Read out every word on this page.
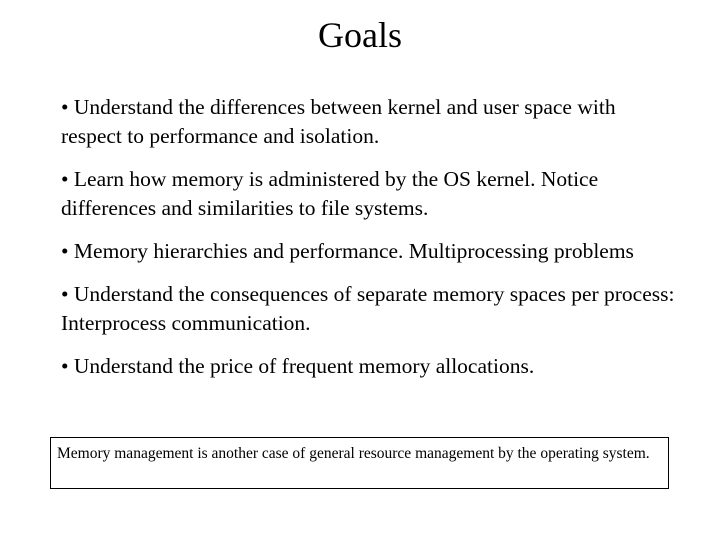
Goals
• Understand the differences between kernel and user space with respect to performance and isolation.
• Learn how memory is administered by the OS kernel. Notice differences and similarities to file systems.
• Memory hierarchies and performance. Multiprocessing problems
• Understand the consequences of separate memory spaces per process: Interprocess communication.
• Understand the price of frequent memory allocations.
Memory management is another case of general resource management by the operating system.
